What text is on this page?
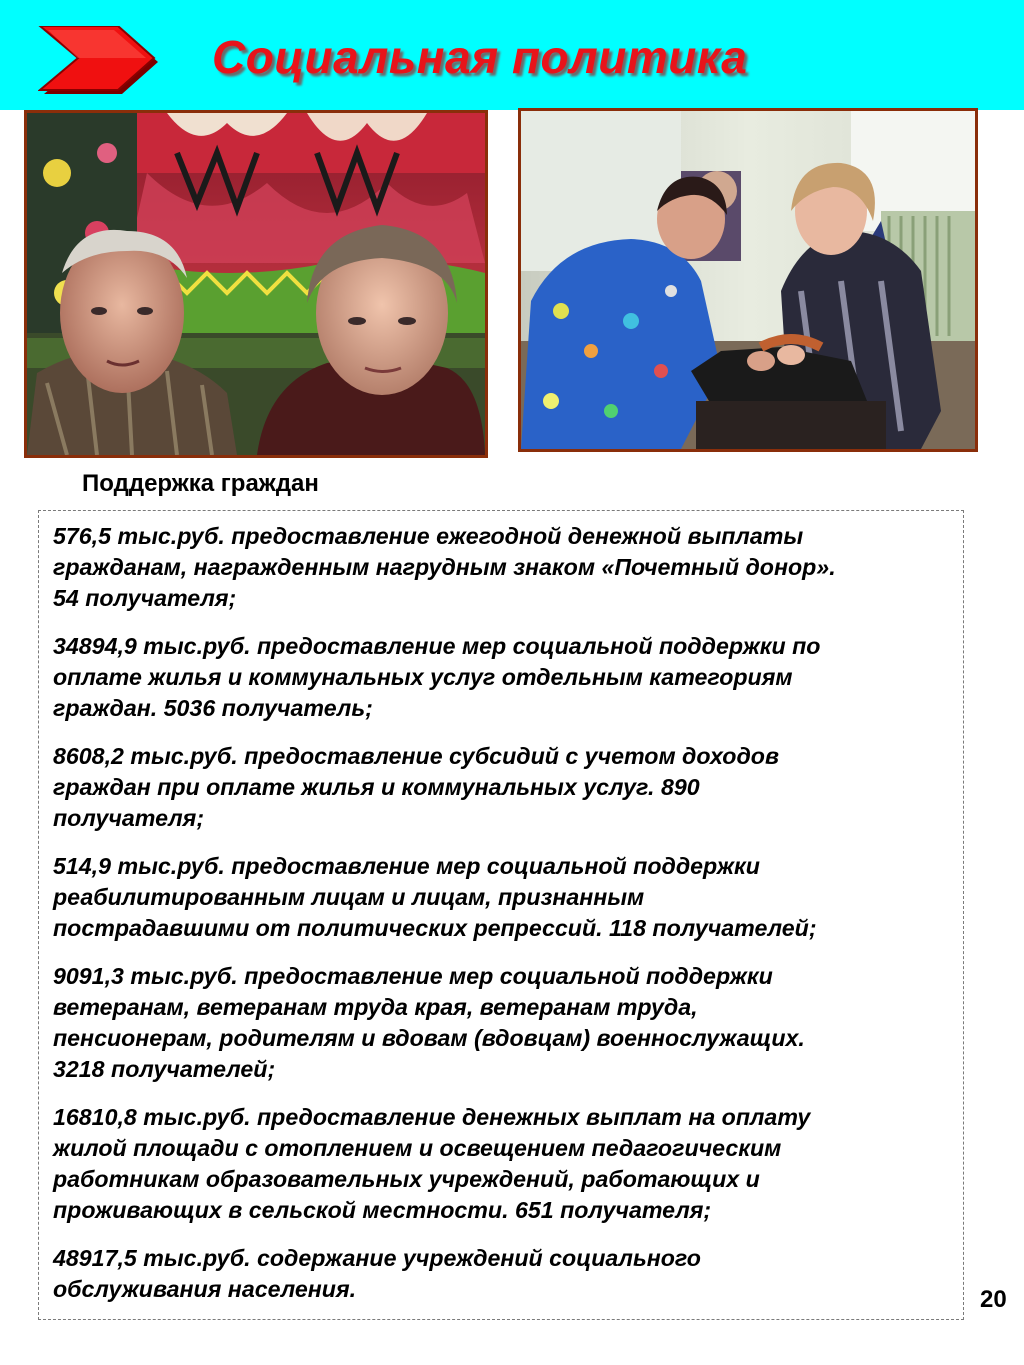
Социальная политика
Поддержка граждан

576,5 тыс.руб. предоставление ежегодной денежной выплаты
гражданам, награжденным нагрудным знаком «Почетный донор».
54 получателя;

34894,9 тыс.руб. предоставление мер социальной поддержки по
оплате жилья и коммунальных услуг отдельным категориям
граждан. 5036 получатель;

8608,2 тыс.руб. предоставление субсидий с учетом доходов
граждан при оплате жилья и коммунальных услуг. 890
получателя;

514,9 тыс.руб. предоставление мер социальной поддержки
реабилитированным лицам и лицам, признанным
пострадавшими от политических репрессий. 118 получателей;

9091,3 тыс.руб. предоставление мер социальной поддержки
ветеранам, ветеранам труда края, ветеранам труда,
пенсионерам, родителям и вдовам (вдовцам) военнослужащих.
3218 получателей;

16810,8 тыс.руб. предоставление денежных выплат на оплату
жилой площади с отоплением и освещением педагогическим
работникам образовательных учреждений, работающих и
проживающих в сельской местности. 651 получателя;

48917,5 тыс.руб. содержание учреждений социального
обслуживания населения.	20
